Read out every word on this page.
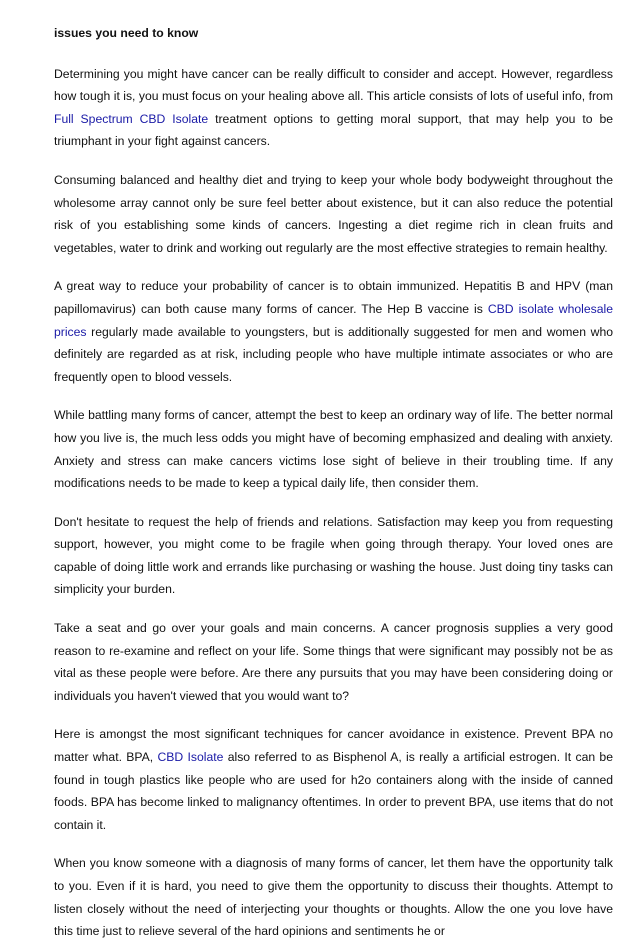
issues you need to know

Determining you might have cancer can be really difficult to consider and accept. However, regardless how tough it is, you must focus on your healing above all. This article consists of lots of useful info, from Full Spectrum CBD Isolate treatment options to getting moral support, that may help you to be triumphant in your fight against cancers.

Consuming balanced and healthy diet and trying to keep your whole body bodyweight throughout the wholesome array cannot only be sure feel better about existence, but it can also reduce the potential risk of you establishing some kinds of cancers. Ingesting a diet regime rich in clean fruits and vegetables, water to drink and working out regularly are the most effective strategies to remain healthy.

A great way to reduce your probability of cancer is to obtain immunized. Hepatitis B and HPV (man papillomavirus) can both cause many forms of cancer. The Hep B vaccine is CBD isolate wholesale prices regularly made available to youngsters, but is additionally suggested for men and women who definitely are regarded as at risk, including people who have multiple intimate associates or who are frequently open to blood vessels.

While battling many forms of cancer, attempt the best to keep an ordinary way of life. The better normal how you live is, the much less odds you might have of becoming emphasized and dealing with anxiety. Anxiety and stress can make cancers victims lose sight of believe in their troubling time. If any modifications needs to be made to keep a typical daily life, then consider them.

Don't hesitate to request the help of friends and relations. Satisfaction may keep you from requesting support, however, you might come to be fragile when going through therapy. Your loved ones are capable of doing little work and errands like purchasing or washing the house. Just doing tiny tasks can simplicity your burden.

Take a seat and go over your goals and main concerns. A cancer prognosis supplies a very good reason to re-examine and reflect on your life. Some things that were significant may possibly not be as vital as these people were before. Are there any pursuits that you may have been considering doing or individuals you haven't viewed that you would want to?

Here is amongst the most significant techniques for cancer avoidance in existence. Prevent BPA no matter what. BPA, CBD Isolate also referred to as Bisphenol A, is really a artificial estrogen. It can be found in tough plastics like people who are used for h2o containers along with the inside of canned foods. BPA has become linked to malignancy oftentimes. In order to prevent BPA, use items that do not contain it.

When you know someone with a diagnosis of many forms of cancer, let them have the opportunity talk to you. Even if it is hard, you need to give them the opportunity to discuss their thoughts. Attempt to listen closely without the need of interjecting your thoughts or thoughts. Allow the one you love have this time just to relieve several of the hard opinions and sentiments he or
